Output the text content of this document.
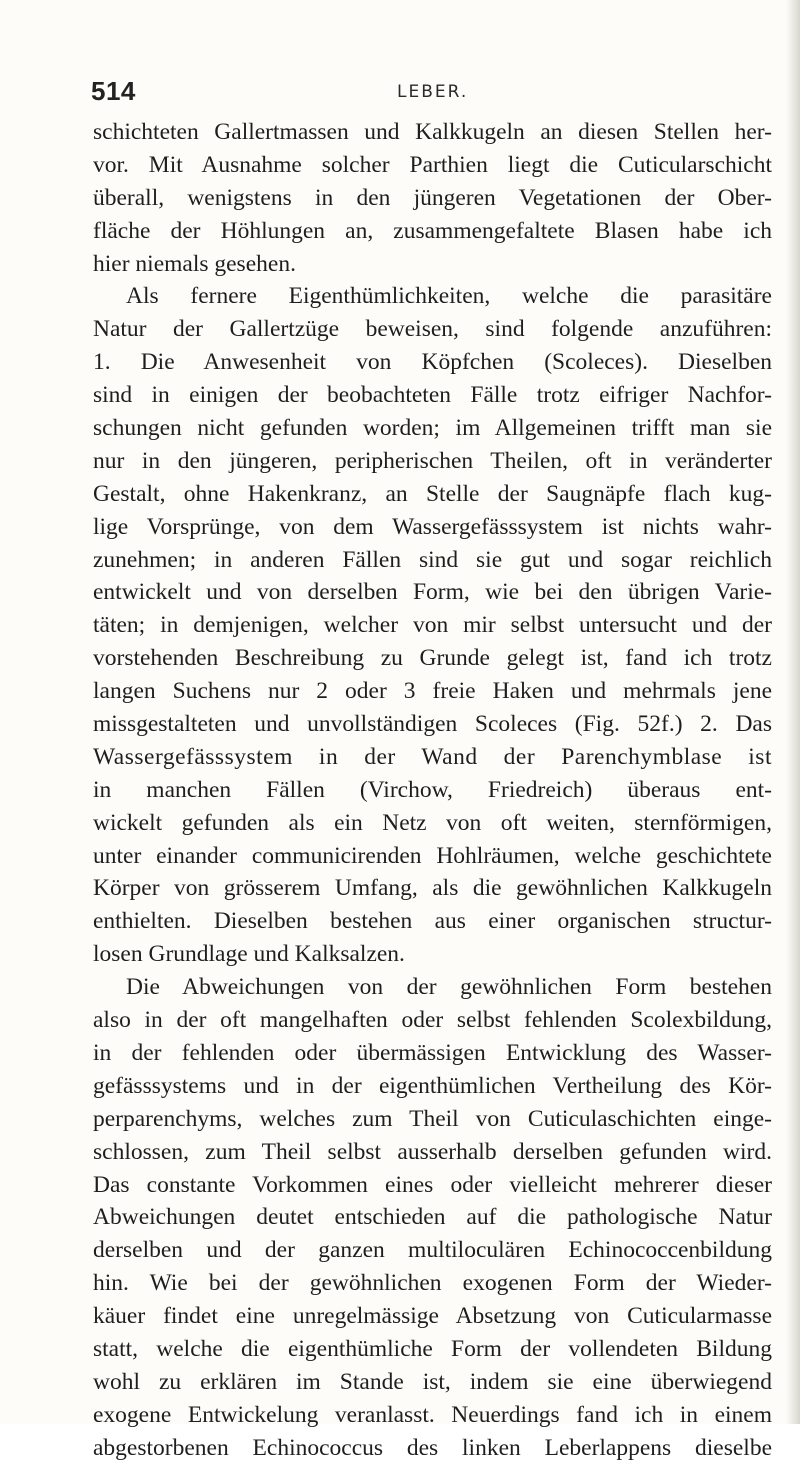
514	LEBER.
schichteten Gallertmassen und Kalkkugeln an diesen Stellen her-
vor. Mit Ausnahme solcher Parthien liegt die Cuticularschicht
überall, wenigstens in den jüngeren Vegetationen der Ober-
fläche der Höhlungen an, zusammengefaltete Blasen habe ich
hier niemals gesehen.
Als fernere Eigenthümlichkeiten, welche die parasitäre
Natur der Gallertzüge beweisen, sind folgende anzuführen:
1. Die Anwesenheit von Köpfchen (Scoleces). Dieselben
sind in einigen der beobachteten Fälle trotz eifriger Nachfor-
schungen nicht gefunden worden; im Allgemeinen trifft man sie
nur in den jüngeren, peripherischen Theilen, oft in veränderter
Gestalt, ohne Hakenkranz, an Stelle der Saugnäpfe flach kug-
lige Vorsprünge, von dem Wassergefässsystem ist nichts wahr-
zunehmen; in anderen Fällen sind sie gut und sogar reichlich
entwickelt und von derselben Form, wie bei den übrigen Varie-
täten; in demjenigen, welcher von mir selbst untersucht und der
vorstehenden Beschreibung zu Grunde gelegt ist, fand ich trotz
langen Suchens nur 2 oder 3 freie Haken und mehrmals jene
missgestalteten und unvollständigen Scoleces (Fig. 52f.) 2. Das
Wassergefässsystem in der Wand der Parenchymblase ist
in manchen Fällen (Virchow, Friedreich) überaus ent-
wickelt gefunden als ein Netz von oft weiten, sternförmigen,
unter einander communicirenden Hohlräumen, welche geschichtete
Körper von grösserem Umfang, als die gewöhnlichen Kalkkugeln
enthielten. Dieselben bestehen aus einer organischen structur-
losen Grundlage und Kalksalzen.
Die Abweichungen von der gewöhnlichen Form bestehen
also in der oft mangelhaften oder selbst fehlenden Scolexbildung,
in der fehlenden oder übermässigen Entwicklung des Wasser-
gefässsystems und in der eigenthümlichen Vertheilung des Kör-
perparenchyms, welches zum Theil von Cuticulaschichten einge-
schlossen, zum Theil selbst ausserhalb derselben gefunden wird.
Das constante Vorkommen eines oder vielleicht mehrerer dieser
Abweichungen deutet entschieden auf die pathologische Natur
derselben und der ganzen multiloculären Echinococcenbildung
hin. Wie bei der gewöhnlichen exogenen Form der Wieder-
käuer findet eine unregelmässige Absetzung von Cuticularmasse
statt, welche die eigenthümliche Form der vollendeten Bildung
wohl zu erklären im Stande ist, indem sie eine überwiegend
exogene Entwickelung veranlasst. Neuerdings fand ich in einem
abgestorbenen Echinococcus des linken Leberlappens dieselbe
